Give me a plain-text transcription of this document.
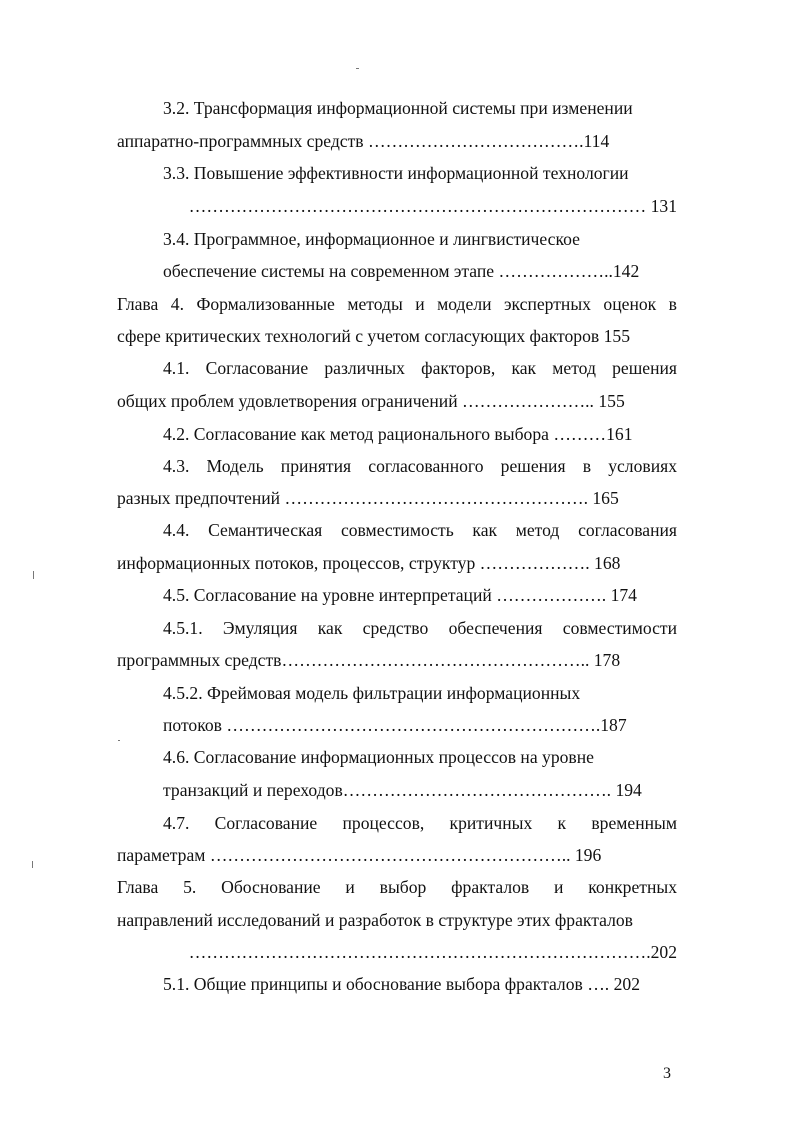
3.2. Трансформация информационной системы при изменении
аппаратно-программных средств ……………………………….114
3.3. Повышение эффективности информационной технологии
…………………………………………………………………… 131
3.4. Программное, информационное и лингвистическое
обеспечение системы на современном этапе ………………..142
Глава 4. Формализованные методы и модели экспертных оценок в
сфере критических технологий с учетом согласующих факторов 155
4.1. Согласование различных факторов, как метод решения
общих проблем удовлетворения ограничений ………………….. 155
4.2. Согласование как метод рационального выбора ………161
4.3. Модель принятия согласованного решения в условиях
разных предпочтений ……………………………………………. 165
4.4. Семантическая совместимость как метод согласования
информационных потоков, процессов, структур ………………. 168
4.5. Согласование на уровне интерпретаций ………………. 174
4.5.1. Эмуляция как средство обеспечения совместимости
программных средств…………………………………………….. 178
4.5.2. Фреймовая модель фильтрации информационных
потоков ……………………………………………………….187
4.6. Согласование информационных процессов на уровне
транзакций и переходов………………………………………. 194
4.7. Согласование процессов, критичных к временным
параметрам …………………………………………………….. 196
Глава 5. Обоснование и выбор фракталов и конкретных
направлений исследований и разработок в структуре этих фракталов
…………………………………………………………………….202
5.1. Общие принципы и обоснование выбора фракталов …. 202
3
